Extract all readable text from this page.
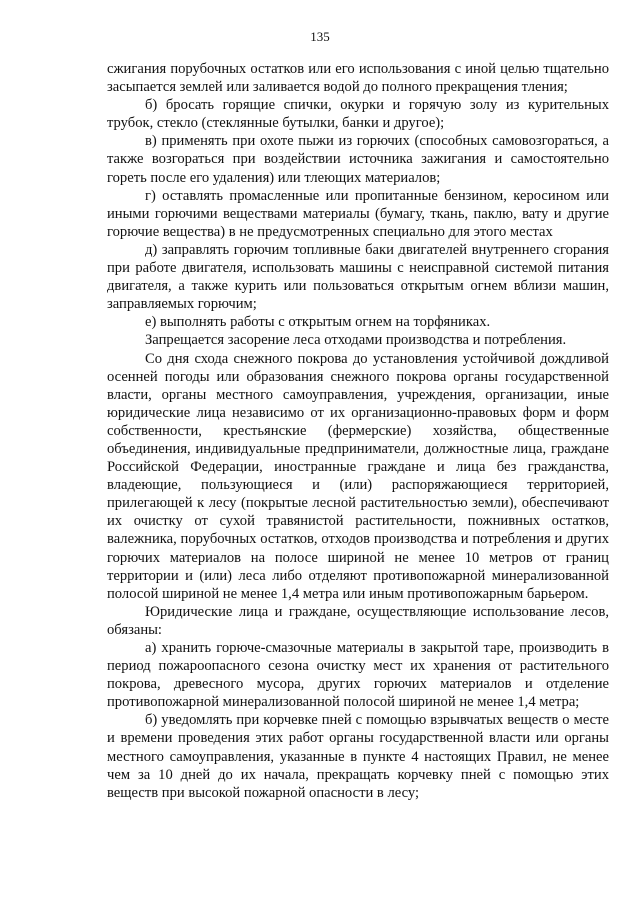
135

сжигания порубочных остатков или его использования с иной целью тщательно засыпается землей или заливается водой до полного прекращения тления;

б) бросать горящие спички, окурки и горячую золу из курительных трубок, стекло (стеклянные бутылки, банки и другое);

в) применять при охоте пыжи из горючих (способных самовозгораться, а также возгораться при воздействии источника зажигания и самостоятельно гореть после его удаления) или тлеющих материалов;

г) оставлять промасленные или пропитанные бензином, керосином или иными горючими веществами материалы (бумагу, ткань, паклю, вату и другие горючие вещества) в не предусмотренных специально для этого местах

д) заправлять горючим топливные баки двигателей внутреннего сгорания при работе двигателя, использовать машины с неисправной системой питания двигателя, а также курить или пользоваться открытым огнем вблизи машин, заправляемых горючим;

е) выполнять работы с открытым огнем на торфяниках.

Запрещается засорение леса отходами производства и потребления.

Со дня схода снежного покрова до установления устойчивой дождливой осенней погоды или образования снежного покрова органы государственной власти, органы местного самоуправления, учреждения, организации, иные юридические лица независимо от их организационно-правовых форм и форм собственности, крестьянские (фермерские) хозяйства, общественные объединения, индивидуальные предприниматели, должностные лица, граждане Российской Федерации, иностранные граждане и лица без гражданства, владеющие, пользующиеся и (или) распоряжающиеся территорией, прилегающей к лесу (покрытые лесной растительностью земли), обеспечивают их очистку от сухой травянистой растительности, пожнивных остатков, валежника, порубочных остатков, отходов производства и потребления и других горючих материалов на полосе шириной не менее 10 метров от границ территории и (или) леса либо отделяют противопожарной минерализованной полосой шириной не менее 1,4 метра или иным противопожарным барьером.

Юридические лица и граждане, осуществляющие использование лесов, обязаны:

а) хранить горюче-смазочные материалы в закрытой таре, производить в период пожароопасного сезона очистку мест их хранения от растительного покрова, древесного мусора, других горючих материалов и отделение противопожарной минерализованной полосой шириной не менее 1,4 метра;

б) уведомлять при корчевке пней с помощью взрывчатых веществ о месте и времени проведения этих работ органы государственной власти или органы местного самоуправления, указанные в пункте 4 настоящих Правил, не менее чем за 10 дней до их начала, прекращать корчевку пней с помощью этих веществ при высокой пожарной опасности в лесу;
